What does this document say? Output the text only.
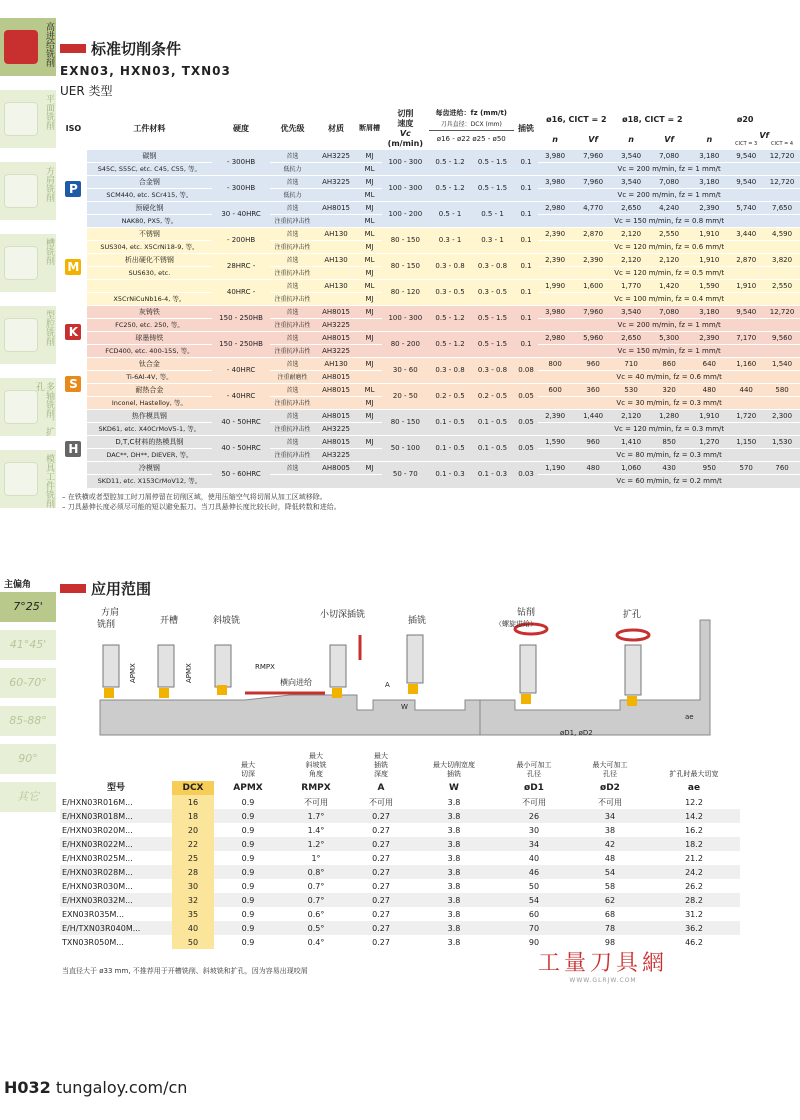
高进给铣削
平面铣削
方肩铣削
槽铣削
型腔铣削
多轴铣削、扩孔
模具工件铣削
7°25'
41°45'
60-70°
85-88°
90°
其它
主偏角
标准切削条件
EXN03, HXN03, TXN03
UER 类型
ISO	工件材料	硬度	优先级	材质	断屑槽	切削
速度
Vc
(m/min)	每齿进给：fz (mm/t)		插铣	ø16, CICT = 2		ø18, CICT = 2		ø20		
							刀具直径：DCX (mm)									
							ø16 - ø22 ø25 - ø50			n	Vf	n	Vf	n	Vf	
															CICT = 3	CICT = 4
P	碳钢	- 300HB	首选	AH3225	MJ	100 - 300	0.5 - 1.2	0.5 - 1.5	0.1	3,980	7,960	3,540	7,080	3,180	9,540	12,720
	S45C, S55C, etc. C45, C55, 等。		低抗力		ML					Vc = 200 m/min, fz = 1 mm/t						
	合金钢	- 300HB	首选	AH3225	MJ	100 - 300	0.5 - 1.2	0.5 - 1.5	0.1	3,980	7,960	3,540	7,080	3,180	9,540	12,720
	SCM440, etc. SCr415, 等。		低抗力		ML					Vc = 200 m/min, fz = 1 mm/t						
	预硬化钢	30 - 40HRC	首选	AH8015	MJ	100 - 200	0.5 - 1	0.5 - 1	0.1	2,980	4,770	2,650	4,240	2,390	5,740	7,650
	NAK80, PX5, 等。		注重抗冲击性		ML					Vc = 150 m/min, fz = 0.8 mm/t						
M	不锈钢	- 200HB	首选	AH130	ML	80 - 150	0.3 - 1	0.3 - 1	0.1	2,390	2,870	2,120	2,550	1,910	3,440	4,590
	SUS304, etc. X5CrNi18-9, 等。		注重抗冲击性		MJ					Vc = 120 m/min, fz = 0.6 mm/t						
	析出硬化不锈钢	28HRC -	首选	AH130	ML	80 - 150	0.3 - 0.8	0.3 - 0.8	0.1	2,390	2,390	2,120	2,120	1,910	2,870	3,820
	SUS630, etc.		注重抗冲击性		MJ					Vc = 120 m/min, fz = 0.5 mm/t						
		40HRC -	首选	AH130	ML	80 - 120	0.3 - 0.5	0.3 - 0.5	0.1	1,990	1,600	1,770	1,420	1,590	1,910	2,550
	X5CrNiCuNb16-4, 等。		注重抗冲击性		MJ					Vc = 100 m/min, fz = 0.4 mm/t						
K	灰铸铁	150 - 250HB	首选	AH8015	MJ	100 - 300	0.5 - 1.2	0.5 - 1.5	0.1	3,980	7,960	3,540	7,080	3,180	9,540	12,720
	FC250, etc. 250, 等。		注重抗冲击性	AH3225						Vc = 200 m/min, fz = 1 mm/t						
	球墨铸铁	150 - 250HB	首选	AH8015	MJ	80 - 200	0.5 - 1.2	0.5 - 1.5	0.1	2,980	5,960	2,650	5,300	2,390	7,170	9,560
	FCD400, etc. 400-15S, 等。		注重抗冲击性	AH3225						Vc = 150 m/min, fz = 1 mm/t						
S	钛合金	- 40HRC	首选	AH130	MJ	30 - 60	0.3 - 0.8	0.3 - 0.8	0.08	800	960	710	860	640	1,160	1,540
	Ti-6Al-4V, 等。		注重耐磨性	AH8015						Vc = 40 m/min, fz = 0.6 mm/t						
	耐热合金	- 40HRC	首选	AH8015	ML	20 - 50	0.2 - 0.5	0.2 - 0.5	0.05	600	360	530	320	480	440	580
	Inconel, Hastelloy, 等。		注重抗冲击性		MJ					Vc = 30 m/min, fz = 0.3 mm/t						
H	热作模具钢	40 - 50HRC	首选	AH8015	MJ	80 - 150	0.1 - 0.5	0.1 - 0.5	0.05	2,390	1,440	2,120	1,280	1,910	1,720	2,300
	SKD61, etc. X40CrMoV5-1, 等。		注重抗冲击性	AH3225						Vc = 120 m/min, fz = 0.3 mm/t						
	D,T,C材料的热模具钢	40 - 50HRC	首选	AH8015	MJ	50 - 100	0.1 - 0.5	0.1 - 0.5	0.05	1,590	960	1,410	850	1,270	1,150	1,530
	DAC**, DH**, DIEVER, 等。		注重抗冲击性	AH3225						Vc = 80 m/min, fz = 0.3 mm/t						
	冷模钢	50 - 60HRC	首选	AH8005	MJ	50 - 70	0.1 - 0.3	0.1 - 0.3	0.03	1,190	480	1,060	430	950	570	760
	SKD11, etc. X153CrMoV12, 等。									Vc = 60 m/min, fz = 0.2 mm/t						
– 在铁横或者型腔加工时刀屑停留在切削区域，使用压缩空气将切屑从加工区域移除。
– 刀具悬伸长度必须尽可能的短以避免振刀。当刀具悬伸长度比较长时，降低转数和进给。
应用范围
方肩
铣削	开槽	斜坡铣
小切深插铣
插铣
钻削
（螺旋进给）
扩孔
APMX	APMX	RMPX
横向进给	A
W
øD1, øD2
ae
		最大
切深	最大
斜坡铣
角度	最大
插铣
深度	最大切削宽度
插铣	最小可加工
孔径	最大可加工
孔径	扩孔时最大切宽
型号	DCX	APMX	RMPX	A	W	øD1	øD2	ae
E/HXN03R016M...	16	0.9	不可用	不可用	3.8	不可用	不可用	12.2
E/HXN03R018M...	18	0.9	1.7°	0.27	3.8	26	34	14.2
E/HXN03R020M...	20	0.9	1.4°	0.27	3.8	30	38	16.2
E/HXN03R022M...	22	0.9	1.2°	0.27	3.8	34	42	18.2
E/HXN03R025M...	25	0.9	1°	0.27	3.8	40	48	21.2
E/HXN03R028M...	28	0.9	0.8°	0.27	3.8	46	54	24.2
E/HXN03R030M...	30	0.9	0.7°	0.27	3.8	50	58	26.2
E/HXN03R032M...	32	0.9	0.7°	0.27	3.8	54	62	28.2
EXN03R035M...	35	0.9	0.6°	0.27	3.8	60	68	31.2
E/H/TXN03R040M...	40	0.9	0.5°	0.27	3.8	70	78	36.2
TXN03R050M...	50	0.9	0.4°	0.27	3.8	90	98	46.2
当直径大于 ø33 mm, 不推荐用于开槽铣削、斜坡铣和扩孔，因为容易出现咬屑	工量刀具網
WWW.GLRJW.COM
H032 tungaloy.com/cn
